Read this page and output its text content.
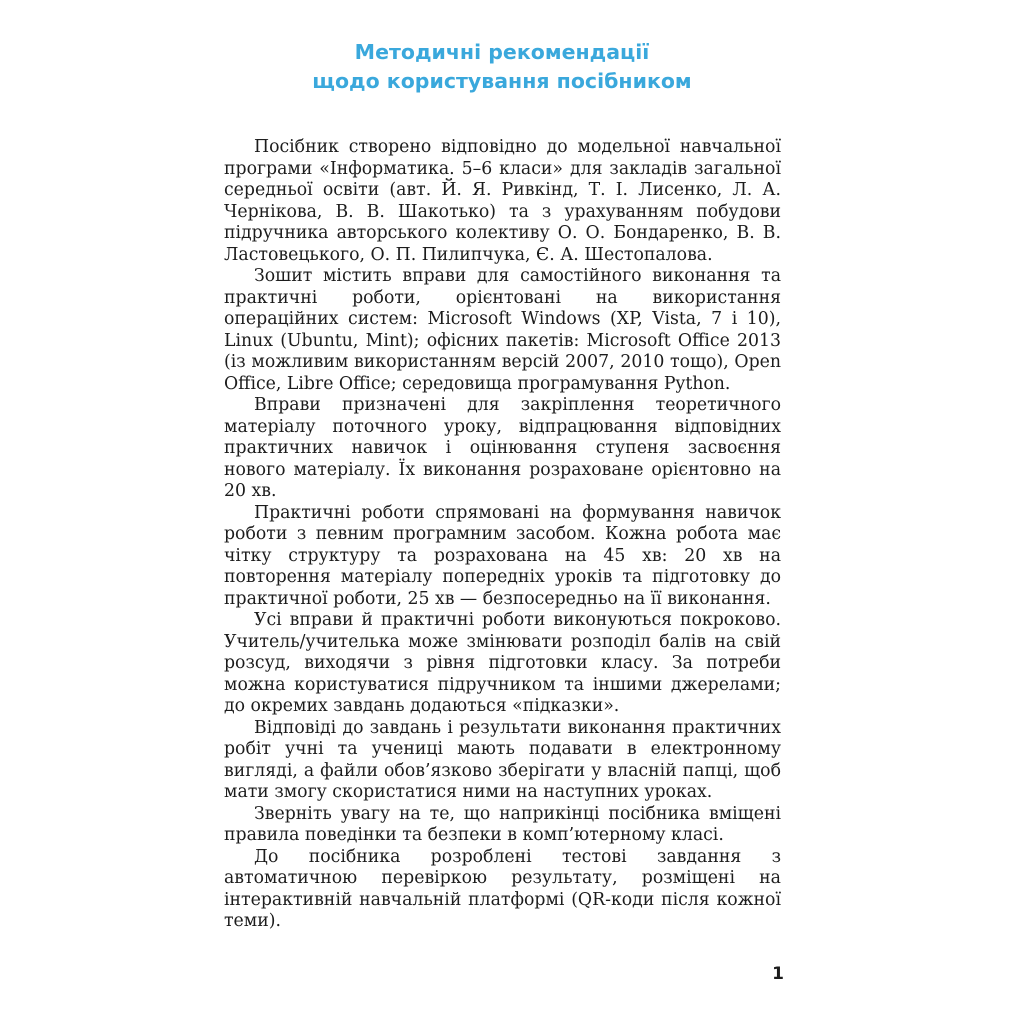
Методичні рекомендації
щодо користування посібником

Посібник створено відповідно до модельної навчальної програми «Інформатика. 5–6 класи» для закладів загальної середньої освіти (авт. Й. Я. Ривкінд, Т. І. Лисенко, Л. А. Чернікова, В. В. Шакотько) та з урахуванням побудови підручника авторського колективу О. О. Бондаренко, В. В. Ластовецького, О. П. Пилипчука, Є. А. Шестопалова.

Зошит містить вправи для самостійного виконання та практичні роботи, орієнтовані на використання операційних систем: Microsoft Windows (XP, Vista, 7 і 10), Linux (Ubuntu, Mint); офісних пакетів: Microsoft Office 2013 (із можливим використанням версій 2007, 2010 тощо), Open Office, Libre Office; середовища програмування Python.

Вправи призначені для закріплення теоретичного матеріалу поточного уроку, відпрацювання відповідних практичних навичок і оцінювання ступеня засвоєння нового матеріалу. Їх виконання розраховане орієнтовно на 20 хв.

Практичні роботи спрямовані на формування навичок роботи з певним програмним засобом. Кожна робота має чітку структуру та розрахована на 45 хв: 20 хв на повторення матеріалу попередніх уроків та підготовку до практичної роботи, 25 хв — безпосередньо на її виконання.

Усі вправи й практичні роботи виконуються покроково. Учитель/учителька може змінювати розподіл балів на свій розсуд, виходячи з рівня підготовки класу. За потреби можна користуватися підручником та іншими джерелами; до окремих завдань додаються «підказки».

Відповіді до завдань і результати виконання практичних робіт учні та учениці мають подавати в електронному вигляді, а файли обов’язково зберігати у власній папці, щоб мати змогу скористатися ними на наступних уроках.

Зверніть увагу на те, що наприкінці посібника вміщені правила поведінки та безпеки в комп’ютерному класі.

До посібника розроблені тестові завдання з автоматичною перевіркою результату, розміщені на інтерактивній навчальній платформі (QR-коди після кожної теми).

1
